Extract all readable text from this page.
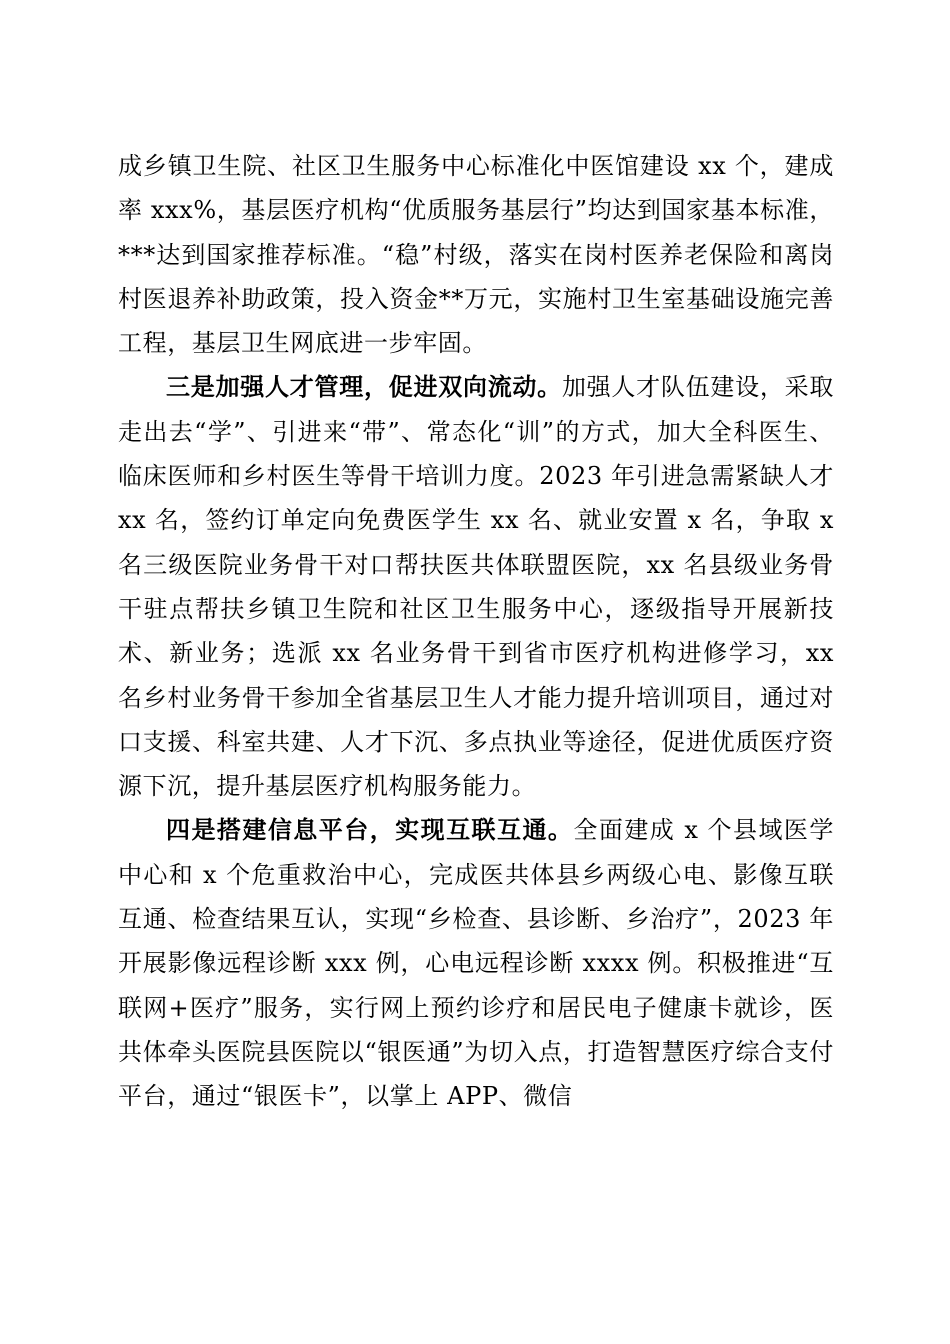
成乡镇卫生院、社区卫生服务中心标准化中医馆建设 xx 个，建成率 xxx%，基层医疗机构“优质服务基层行”均达到国家基本标准，***达到国家推荐标准。“稳”村级，落实在岗村医养老保险和离岗村医退养补助政策，投入资金**万元，实施村卫生室基础设施完善工程，基层卫生网底进一步牢固。

三是加强人才管理，促进双向流动。加强人才队伍建设，采取走出去“学”、引进来“带”、常态化“训”的方式，加大全科医生、临床医师和乡村医生等骨干培训力度。2023 年引进急需紧缺人才 xx 名，签约订单定向免费医学生 xx 名、就业安置 x 名，争取 x 名三级医院业务骨干对口帮扶医共体联盟医院，xx 名县级业务骨干驻点帮扶乡镇卫生院和社区卫生服务中心，逐级指导开展新技术、新业务；选派 xx 名业务骨干到省市医疗机构进修学习，xx 名乡村业务骨干参加全省基层卫生人才能力提升培训项目，通过对口支援、科室共建、人才下沉、多点执业等途径，促进优质医疗资源下沉，提升基层医疗机构服务能力。

四是搭建信息平台，实现互联互通。全面建成 x 个县域医学中心和 x 个危重救治中心，完成医共体县乡两级心电、影像互联互通、检查结果互认，实现“乡检查、县诊断、乡治疗”，2023 年开展影像远程诊断 xxx 例，心电远程诊断 xxxx 例。积极推进“互联网+医疗”服务，实行网上预约诊疗和居民电子健康卡就诊，医共体牵头医院县医院以“银医通”为切入点，打造智慧医疗综合支付平台，通过“银医卡”，以掌上 APP、微信
